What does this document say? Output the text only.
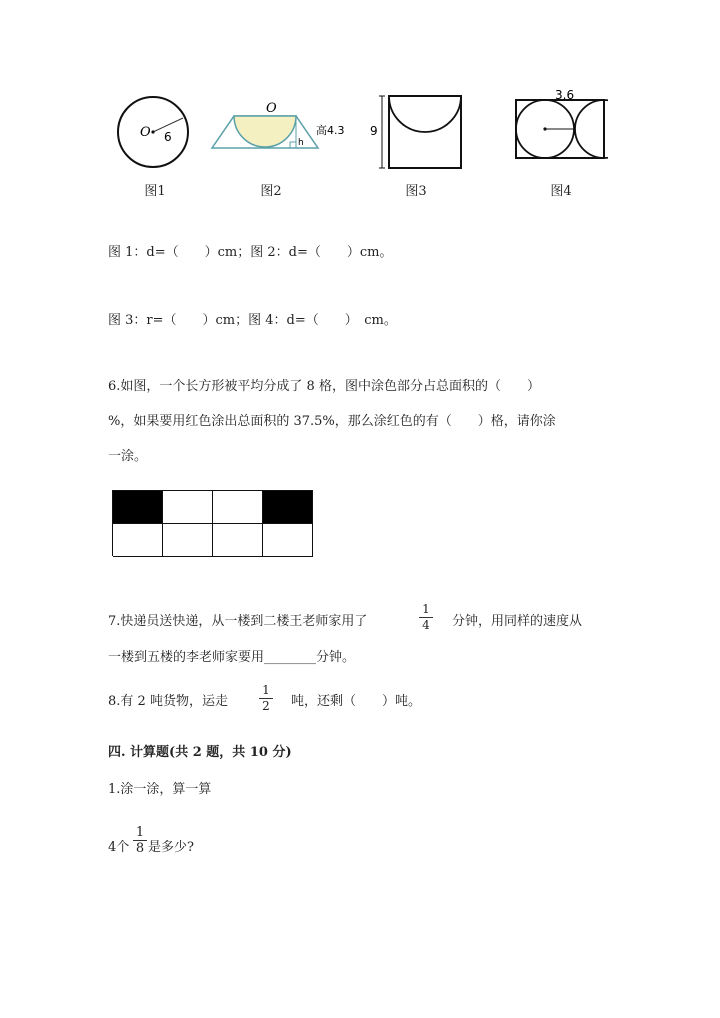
O 6
O
h
高4.3 9
3.6
图1	图2	图3	图4
图 1：d=（　　）cm；图 2：d=（　　）cm。
图 3：r=（　　）cm；图 4：d=（　　）　cm。
6.如图，一个长方形被平均分成了 8 格，图中涂色部分占总面积的（　　）
%，如果要用红色涂出总面积的 37.5%，那么涂红色的有（　　）格，请你涂
一涂。
7.快递员送快递，从一楼到二楼王老师家用了
1
4 分钟，用同样的速度从
一楼到五楼的李老师家要用________分钟。
8.有 2 吨货物，运走
1
2 吨，还剩（　　）吨。
四. 计算题(共 2 题，共 10 分)
1.涂一涂，算一算
4个
1
8 是多少?
